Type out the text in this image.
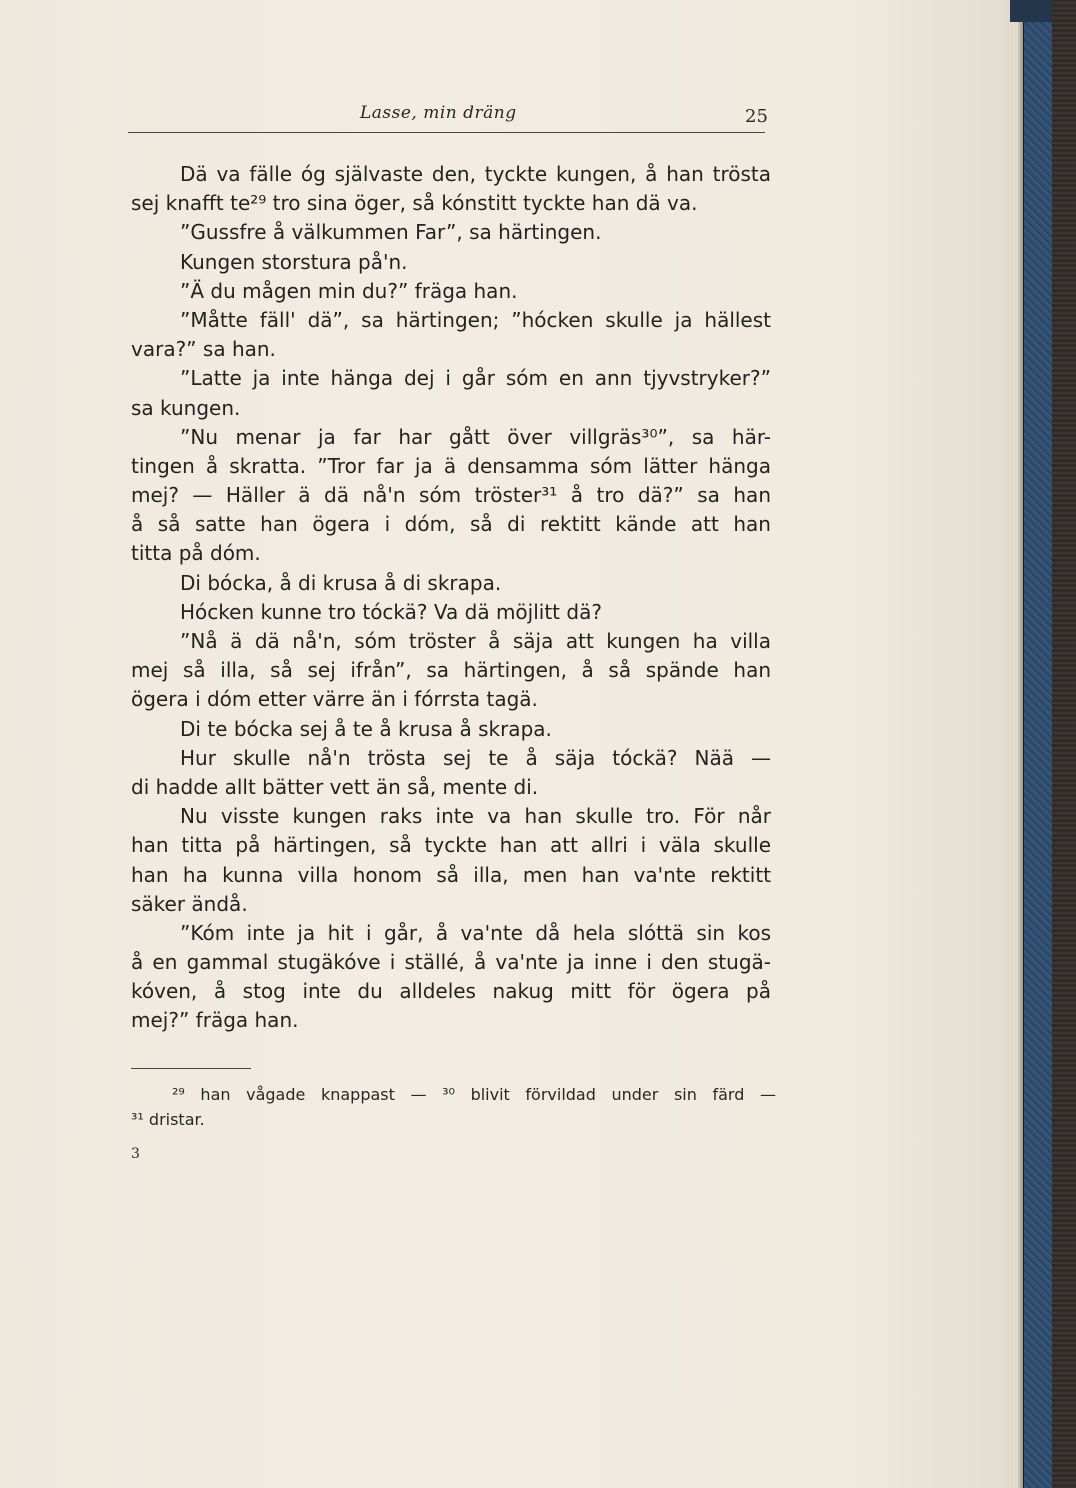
Lasse, min dräng	25
Dä va fälle óg självaste den, tyckte kungen, å han trösta
sej knafft te²⁹ tro sina öger, så kónstitt tyckte han dä va.
”Gussfre å välkummen Far”, sa härtingen.
Kungen storstura på'n.
”Ä du mågen min du?” fräga han.
”Måtte fäll' dä”, sa härtingen; ”hócken skulle ja hällest
vara?” sa han.
”Latte ja inte hänga dej i går sóm en ann tjyvstryker?”
sa kungen.
”Nu menar ja far har gått över villgräs³⁰”, sa här-
tingen å skratta. ”Tror far ja ä densamma sóm lätter hänga
mej? — Häller ä dä nå'n sóm tröster³¹ å tro dä?” sa han
å så satte han ögera i dóm, så di rektitt kände att han
titta på dóm.
Di bócka, å di krusa å di skrapa.
Hócken kunne tro tóckä? Va dä möjlitt dä?
”Nå ä dä nå'n, sóm tröster å säja att kungen ha villa
mej så illa, så sej ifrån”, sa härtingen, å så spände han
ögera i dóm etter värre än i fórrsta tagä.
Di te bócka sej å te å krusa å skrapa.
Hur skulle nå'n trösta sej te å säja tóckä? Nää —
di hadde allt bätter vett än så, mente di.
Nu visste kungen raks inte va han skulle tro. För når
han titta på härtingen, så tyckte han att allri i väla skulle
han ha kunna villa honom så illa, men han va'nte rektitt
säker ändå.
”Kóm inte ja hit i går, å va'nte då hela slóttä sin kos
å en gammal stugäkóve i ställé, å va'nte ja inne i den stugä-
kóven, å stog inte du alldeles nakug mitt för ögera på
mej?” fräga han.
²⁹ han vågade knappast — ³⁰ blivit förvildad under sin färd —
³¹ dristar.
3
